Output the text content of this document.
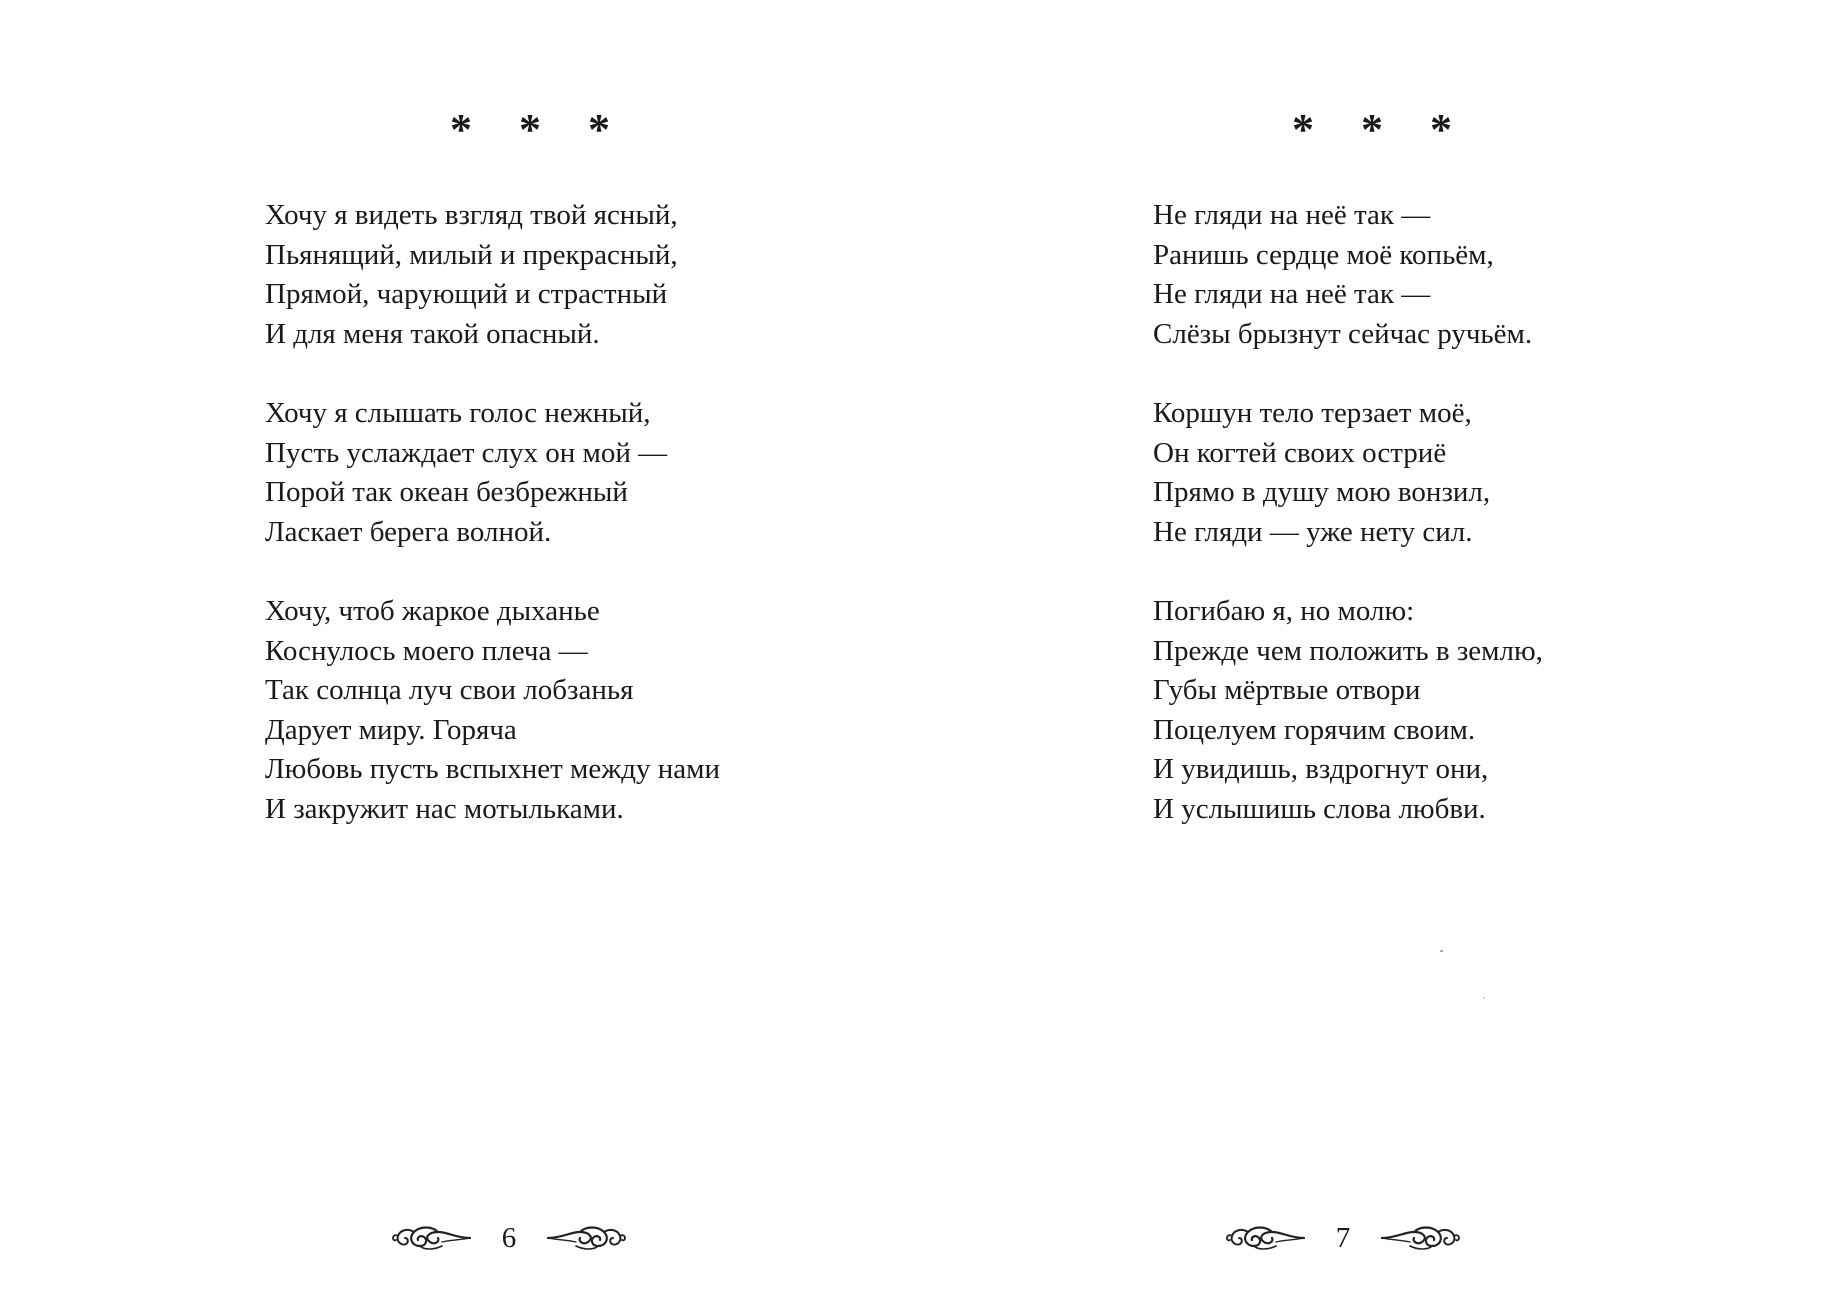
* * *
Хочу я видеть взгляд твой ясный,
Пьянящий, милый и прекрасный,
Прямой, чарующий и страстный
И для меня такой опасный.
Хочу я слышать голос нежный,
Пусть услаждает слух он мой —
Порой так океан безбрежный
Ласкает берега волной.
Хочу, чтоб жаркое дыханье
Коснулось моего плеча —
Так солнца луч свои лобзанья
Дарует миру. Горяча
Любовь пусть вспыхнет между нами
И закружит нас мотыльками.
6
* * *
Не гляди на неё так —
Ранишь сердце моё копьём,
Не гляди на неё так —
Слёзы брызнут сейчас ручьём.
Коршун тело терзает моё,
Он когтей своих остриё
Прямо в душу мою вонзил,
Не гляди — уже нету сил.
Погибаю я, но молю:
Прежде чем положить в землю,
Губы мёртвые отвори
Поцелуем горячим своим.
И увидишь, вздрогнут они,
И услышишь слова любви.
7
